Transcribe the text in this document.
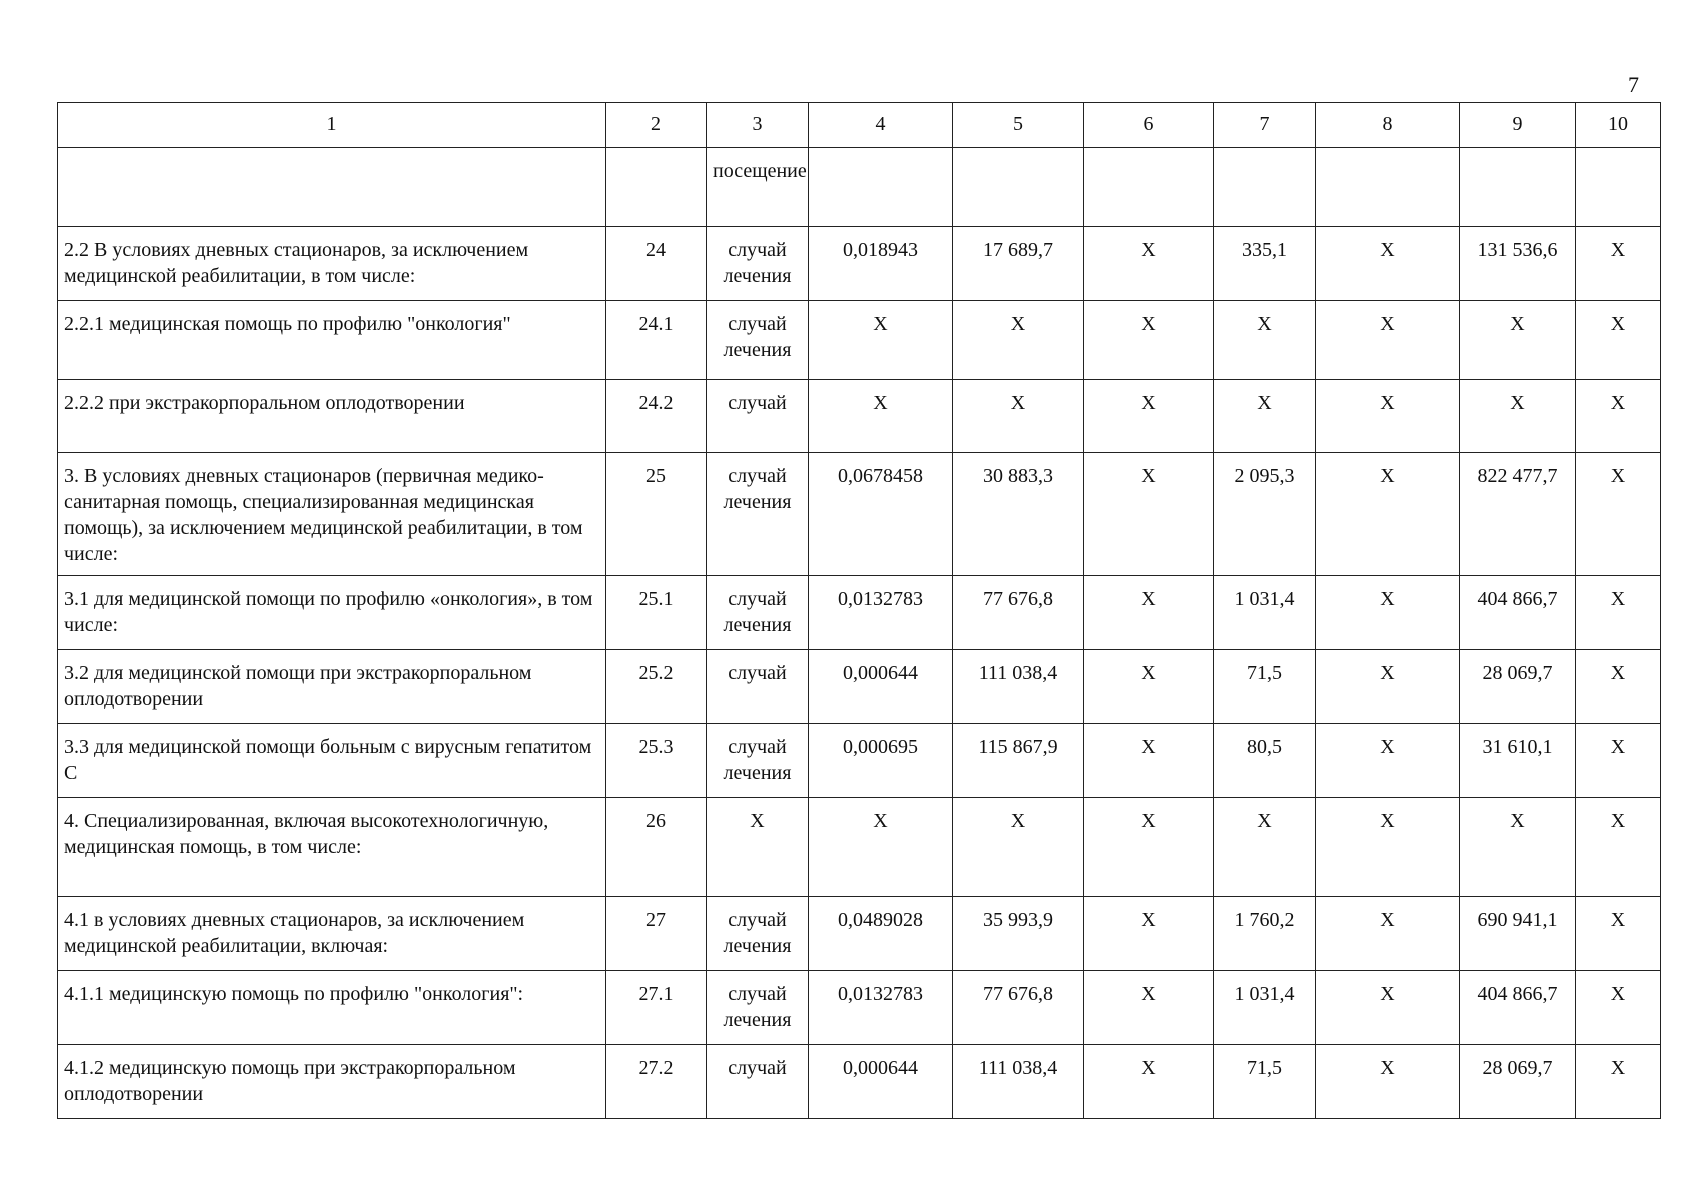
7
1	2	3	4	5	6	7	8	9	10
		посещение							
2.2 В условиях дневных стационаров, за исключением медицинской реабилитации, в том числе:	24	случай лечения	0,018943	17 689,7	X	335,1	X	131 536,6	X
2.2.1 медицинская помощь по профилю "онкология"	24.1	случай лечения	X	X	X	X	X	X	X
2.2.2 при экстракорпоральном оплодотворении	24.2	случай	X	X	X	X	X	X	X
3. В условиях дневных стационаров (первичная медико-санитарная помощь, специализированная медицинская помощь), за исключением медицинской реабилитации, в том числе:	25	случай лечения	0,0678458	30 883,3	X	2 095,3	X	822 477,7	X
3.1 для медицинской помощи по профилю «онкология», в том числе:	25.1	случай лечения	0,0132783	77 676,8	X	1 031,4	X	404 866,7	X
3.2 для медицинской помощи при экстракорпоральном оплодотворении	25.2	случай	0,000644	111 038,4	X	71,5	X	28 069,7	X
3.3 для медицинской помощи больным с вирусным гепатитом С	25.3	случай лечения	0,000695	115 867,9	X	80,5	X	31 610,1	X
4. Специализированная, включая высокотехнологичную, медицинская помощь, в том числе:	26	X	X	X	X	X	X	X	X
4.1 в условиях дневных стационаров, за исключением медицинской реабилитации, включая:	27	случай лечения	0,0489028	35 993,9	X	1 760,2	X	690 941,1	X
4.1.1 медицинскую помощь по профилю "онкология":	27.1	случай лечения	0,0132783	77 676,8	X	1 031,4	X	404 866,7	X
4.1.2 медицинскую помощь при экстракорпоральном оплодотворении	27.2	случай	0,000644	111 038,4	X	71,5	X	28 069,7	X
